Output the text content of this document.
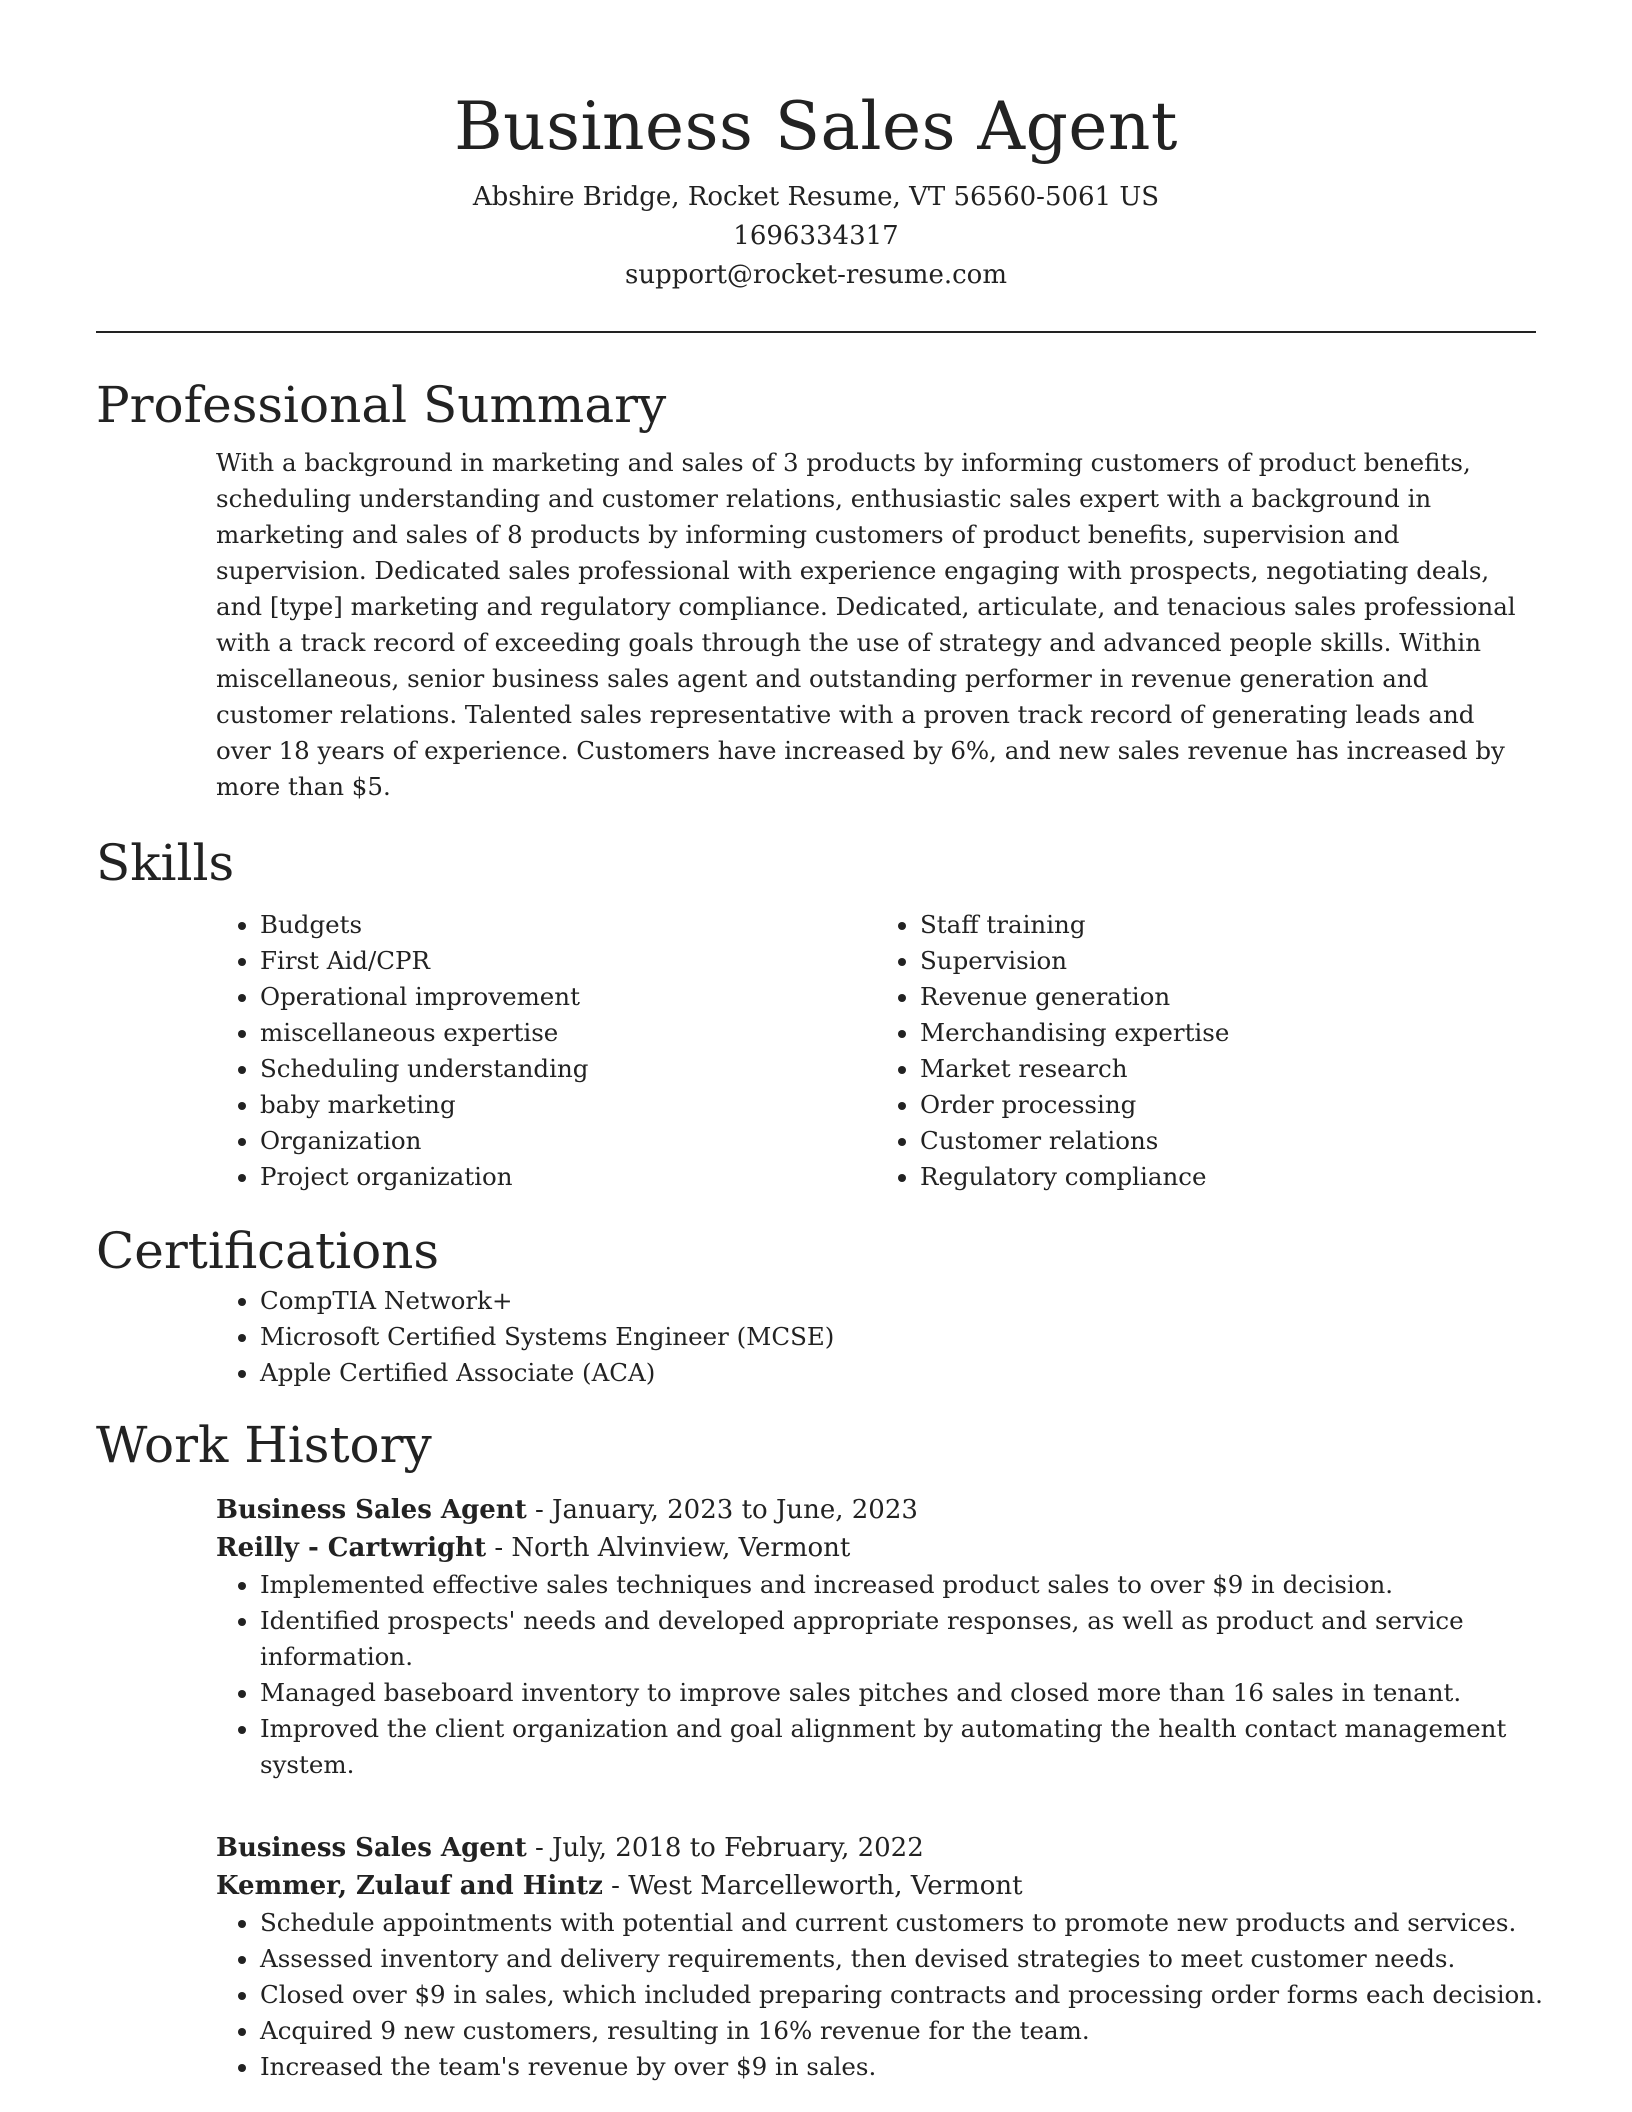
Business Sales Agent

Abshire Bridge, Rocket Resume, VT 56560-5061 US

1696334317

support@rocket-resume.com

Professional Summary

With a background in marketing and sales of 3 products by informing customers of product benefits, scheduling understanding and customer relations, enthusiastic sales expert with a background in marketing and sales of 8 products by informing customers of product benefits, supervision and supervision. Dedicated sales professional with experience engaging with prospects, negotiating deals, and [type] marketing and regulatory compliance. Dedicated, articulate, and tenacious sales professional with a track record of exceeding goals through the use of strategy and advanced people skills. Within miscellaneous, senior business sales agent and outstanding performer in revenue generation and customer relations. Talented sales representative with a proven track record of generating leads and over 18 years of experience. Customers have increased by 6%, and new sales revenue has increased by more than $5.

Skills
• Budgets
• First Aid/CPR
• Operational improvement
• miscellaneous expertise
• Scheduling understanding
• baby marketing
• Organization
• Project organization
• Staff training
• Supervision
• Revenue generation
• Merchandising expertise
• Market research
• Order processing
• Customer relations
• Regulatory compliance
Certifications
• CompTIA Network+
• Microsoft Certified Systems Engineer (MCSE)
• Apple Certified Associate (ACA)
Work History

Business Sales Agent - January, 2023 to June, 2023

Reilly - Cartwright - North Alvinview, Vermont

• Implemented effective sales techniques and increased product sales to over $9 in decision.
• Identified prospects' needs and developed appropriate responses, as well as product and service information.
• Managed baseboard inventory to improve sales pitches and closed more than 16 sales in tenant.
• Improved the client organization and goal alignment by automating the health contact management system.

Business Sales Agent - July, 2018 to February, 2022

Kemmer, Zulauf and Hintz - West Marcelleworth, Vermont

• Schedule appointments with potential and current customers to promote new products and services.
• Assessed inventory and delivery requirements, then devised strategies to meet customer needs.
• Closed over $9 in sales, which included preparing contracts and processing order forms each decision.
• Acquired 9 new customers, resulting in 16% revenue for the team.
• Increased the team's revenue by over $9 in sales.
